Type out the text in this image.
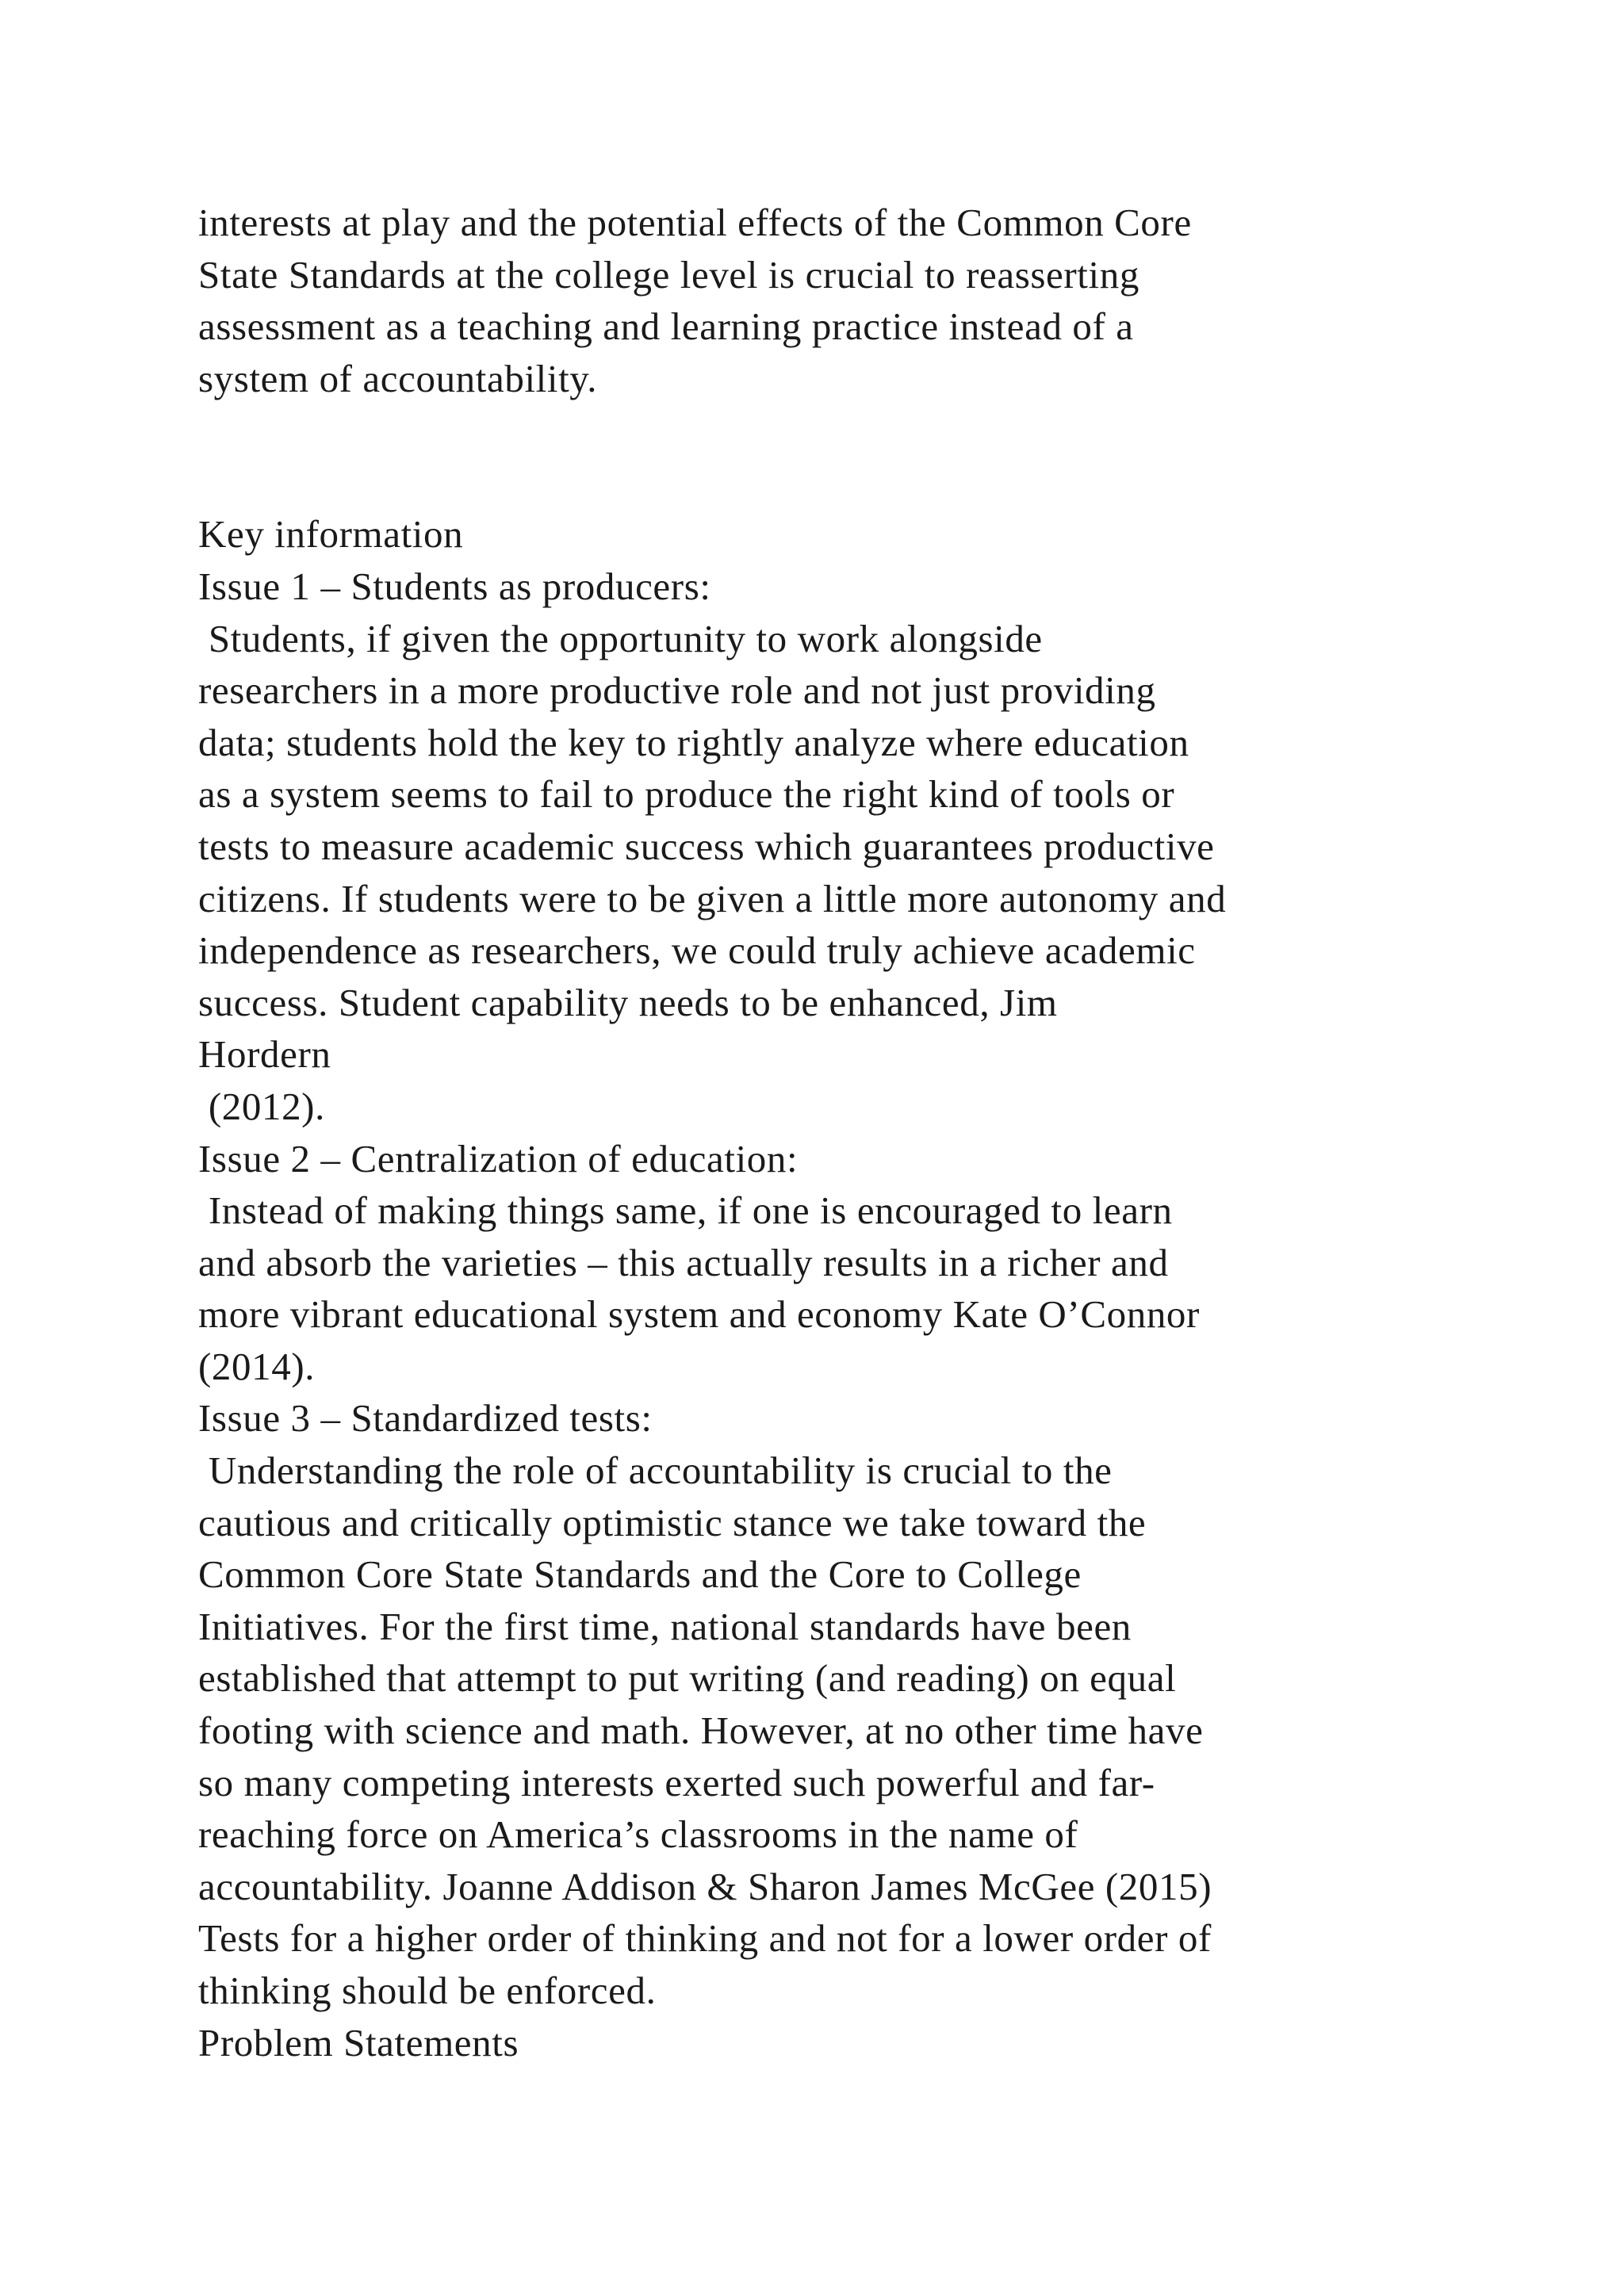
interests at play and the potential effects of the Common Core
State Standards at the college level is crucial to reasserting
assessment as a teaching and learning practice instead of a
system of accountability.
Key information
Issue 1 – Students as producers:
Students, if given the opportunity to work alongside
researchers in a more productive role and not just providing
data; students hold the key to rightly analyze where education
as a system seems to fail to produce the right kind of tools or
tests to measure academic success which guarantees productive
citizens. If students were to be given a little more autonomy and
independence as researchers, we could truly achieve academic
success. Student capability needs to be enhanced, Jim
Hordern
(2012).
Issue 2 – Centralization of education:
Instead of making things same, if one is encouraged to learn
and absorb the varieties – this actually results in a richer and
more vibrant educational system and economy Kate O’Connor
(2014).
Issue 3 – Standardized tests:
Understanding the role of accountability is crucial to the
cautious and critically optimistic stance we take toward the
Common Core State Standards and the Core to College
Initiatives. For the first time, national standards have been
established that attempt to put writing (and reading) on equal
footing with science and math. However, at no other time have
so many competing interests exerted such powerful and far-
reaching force on America’s classrooms in the name of
accountability. Joanne Addison & Sharon James McGee (2015)
Tests for a higher order of thinking and not for a lower order of
thinking should be enforced.
Problem Statements
